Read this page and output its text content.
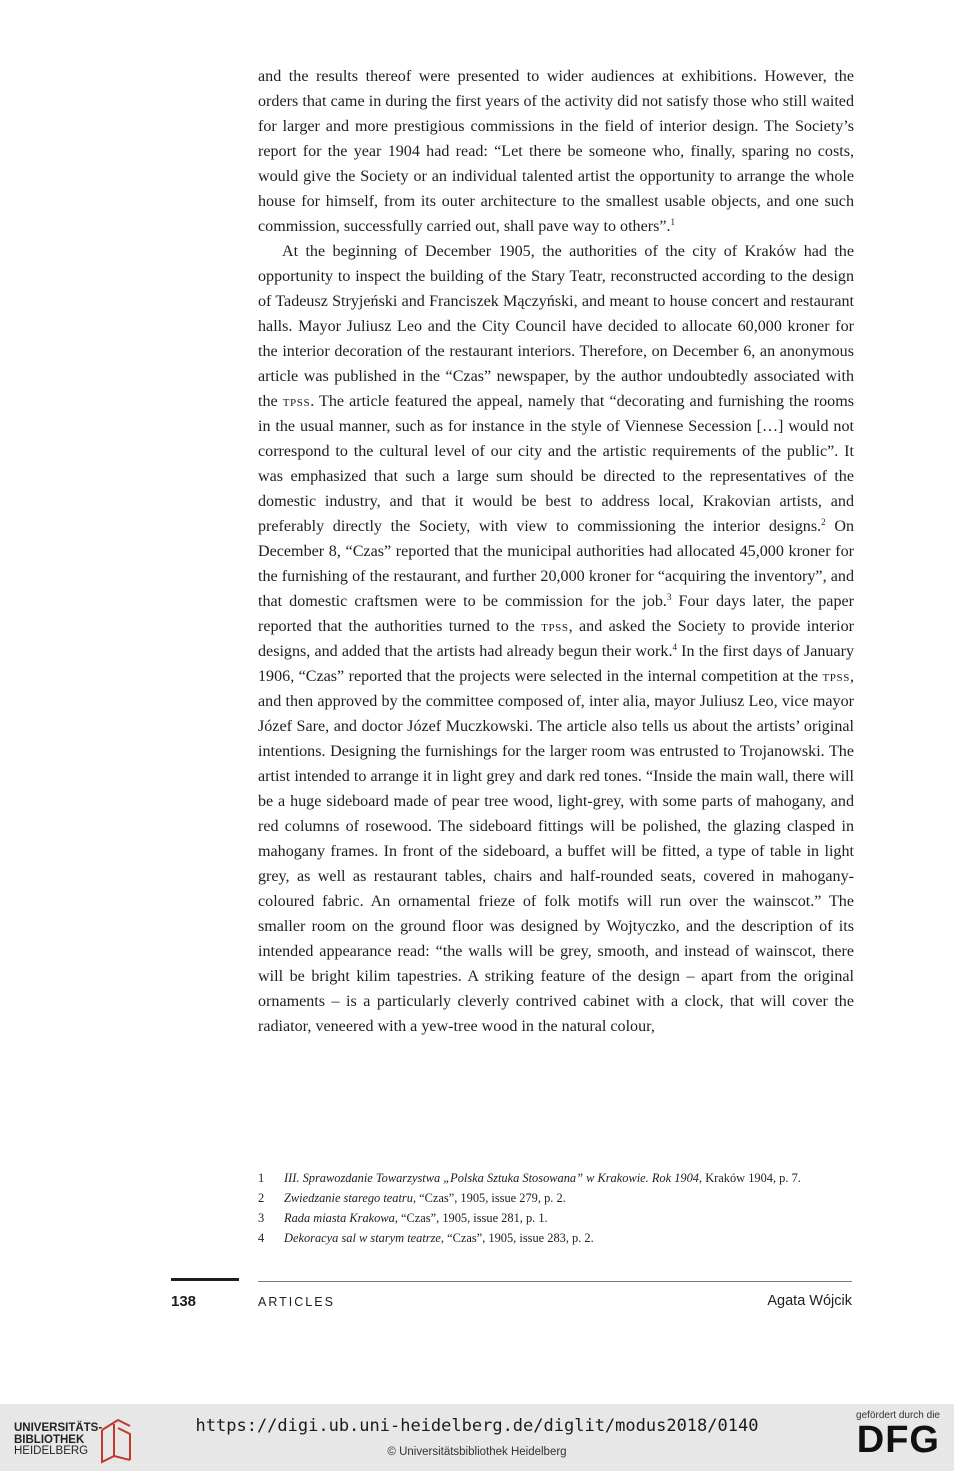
and the results thereof were presented to wider audiences at exhibitions. However, the orders that came in during the first years of the activity did not satisfy those who still waited for larger and more prestigious commissions in the field of interior design. The Society’s report for the year 1904 had read: “Let there be someone who, finally, sparing no costs, would give the Society or an individual talented artist the opportunity to arrange the whole house for himself, from its outer architecture to the smallest usable objects, and one such commission, successfully carried out, shall pave way to others”.$^1$

At the beginning of December 1905, the authorities of the city of Kraków had the opportunity to inspect the building of the Stary Teatr, reconstructed according to the design of Tadeusz Stryjeński and Franciszek Mączyński, and meant to house concert and restaurant halls. Mayor Juliusz Leo and the City Council have decided to allocate 60,000 kroner for the interior decoration of the restaurant interiors. Therefore, on December 6, an anonymous article was published in the “Czas” newspaper, by the author undoubtedly associated with the tpss. The article featured the appeal, namely that “decorating and furnishing the rooms in the usual manner, such as for instance in the style of Viennese Secession […] would not correspond to the cultural level of our city and the artistic requirements of the public”. It was emphasized that such a large sum should be directed to the representatives of the domestic industry, and that it would be best to address local, Krakovian artists, and preferably directly the Society, with view to commissioning the interior designs.$^2$ On December 8, “Czas” reported that the municipal authorities had allocated 45,000 kroner for the furnishing of the restaurant, and further 20,000 kroner for “acquiring the inventory”, and that domestic craftsmen were to be commission for the job.$^3$ Four days later, the paper reported that the authorities turned to the tpss, and asked the Society to provide interior designs, and added that the artists had already begun their work.$^4$ In the first days of January 1906, “Czas” reported that the projects were selected in the internal competition at the tpss, and then approved by the committee composed of, inter alia, mayor Juliusz Leo, vice mayor Józef Sare, and doctor Józef Muczkowski. The article also tells us about the artists’ original intentions. Designing the furnishings for the larger room was entrusted to Trojanowski. The artist intended to arrange it in light grey and dark red tones. “Inside the main wall, there will be a huge sideboard made of pear tree wood, light-grey, with some parts of mahogany, and red columns of rosewood. The sideboard fittings will be polished, the glazing clasped in mahogany frames. In front of the sideboard, a buffet will be fitted, a type of table in light grey, as well as restaurant tables, chairs and half-rounded seats, covered in mahogany-coloured fabric. An ornamental frieze of folk motifs will run over the wainscot.” The smaller room on the ground floor was designed by Wojtyczko, and the description of its intended appearance read: “the walls will be grey, smooth, and instead of wainscot, there will be bright kilim tapestries. A striking feature of the design – apart from the original ornaments – is a particularly cleverly contrived cabinet with a clock, that will cover the radiator, veneered with a yew-tree wood in the natural colour,

1	III. Sprawozdanie Towarzystwa „Polska Sztuka Stosowana” w Krakowie. Rok 1904, Kraków 1904, p. 7.
2	Zwiedzanie starego teatru, “Czas”, 1905, issue 279, p. 2.
3	Rada miasta Krakowa, “Czas”, 1905, issue 281, p. 1.
4	Dekoracya sal w starym teatrze, “Czas”, 1905, issue 283, p. 2.
138	ARTICLES	Agata Wójcik
UNIVERSITÄTS-
BIBLIOTHEK
HEIDELBERG
https://digi.ub.uni-heidelberg.de/diglit/modus2018/0140
© Universitätsbibliothek Heidelberg
gefördert durch die
DFG
